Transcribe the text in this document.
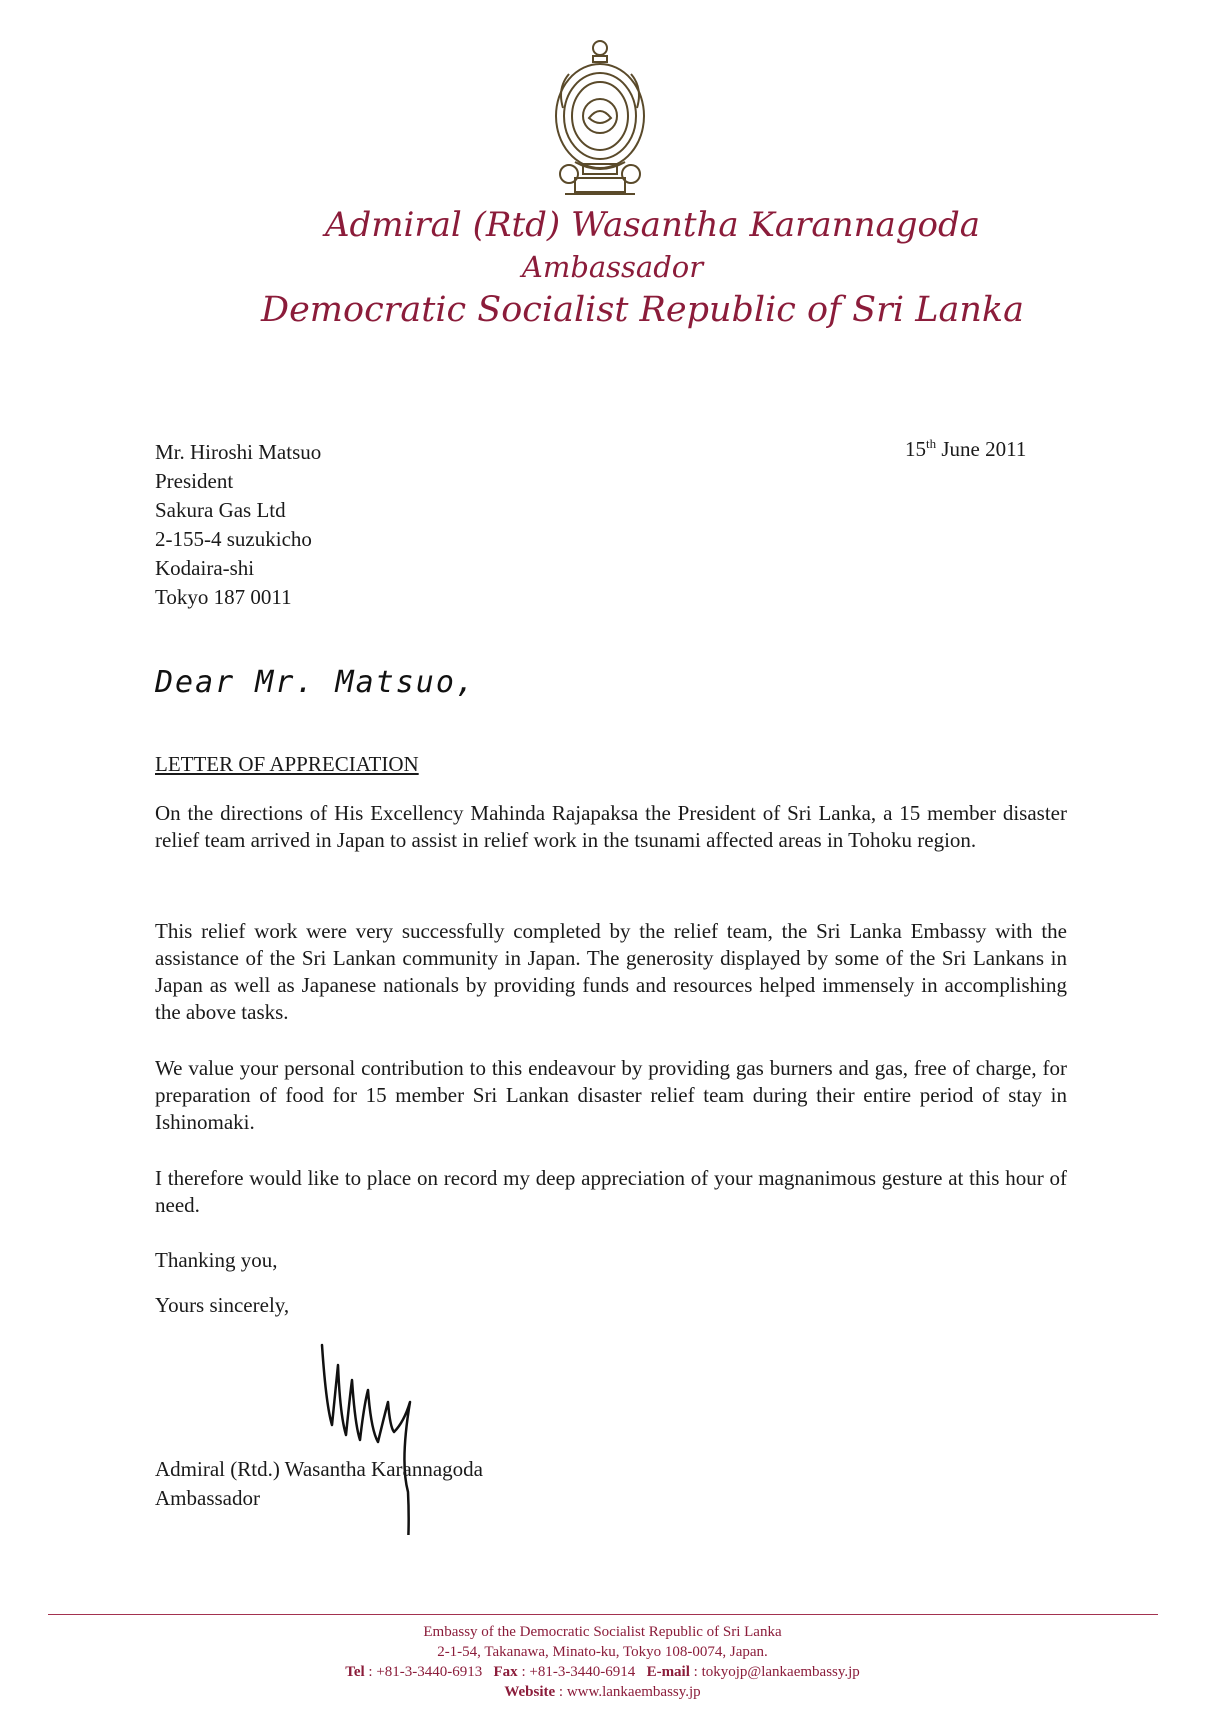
Admiral (Rtd) Wasantha Karannagoda
Ambassador
Democratic Socialist Republic of Sri Lanka
Mr. Hiroshi Matsuo
President
Sakura Gas Ltd
2-155-4 suzukicho
Kodaira-shi
Tokyo 187 0011
15th June 2011
Dear Mr. Matsuo,
LETTER OF APPRECIATION

On the directions of His Excellency Mahinda Rajapaksa the President of Sri Lanka, a 15 member disaster relief team arrived in Japan to assist in relief work in the tsunami affected areas in Tohoku region.

This relief work were very successfully completed by the relief team, the Sri Lanka Embassy with the assistance of the Sri Lankan community in Japan. The generosity displayed by some of the Sri Lankans in Japan as well as Japanese nationals by providing funds and resources helped immensely in accomplishing the above tasks.

We value your personal contribution to this endeavour by providing gas burners and gas, free of charge, for preparation of food for 15 member Sri Lankan disaster relief team during their entire period of stay in Ishinomaki.

I therefore would like to place on record my deep appreciation of your magnanimous gesture at this hour of need.

Thanking you,
Yours sincerely,
Admiral (Rtd.) Wasantha Karannagoda
Ambassador
Embassy of the Democratic Socialist Republic of Sri Lanka
2-1-54, Takanawa, Minato-ku, Tokyo 108-0074, Japan.
Tel : +81-3-3440-6913 Fax : +81-3-3440-6914 E-mail : tokyojp@lankaembassy.jp
Website : www.lankaembassy.jp
